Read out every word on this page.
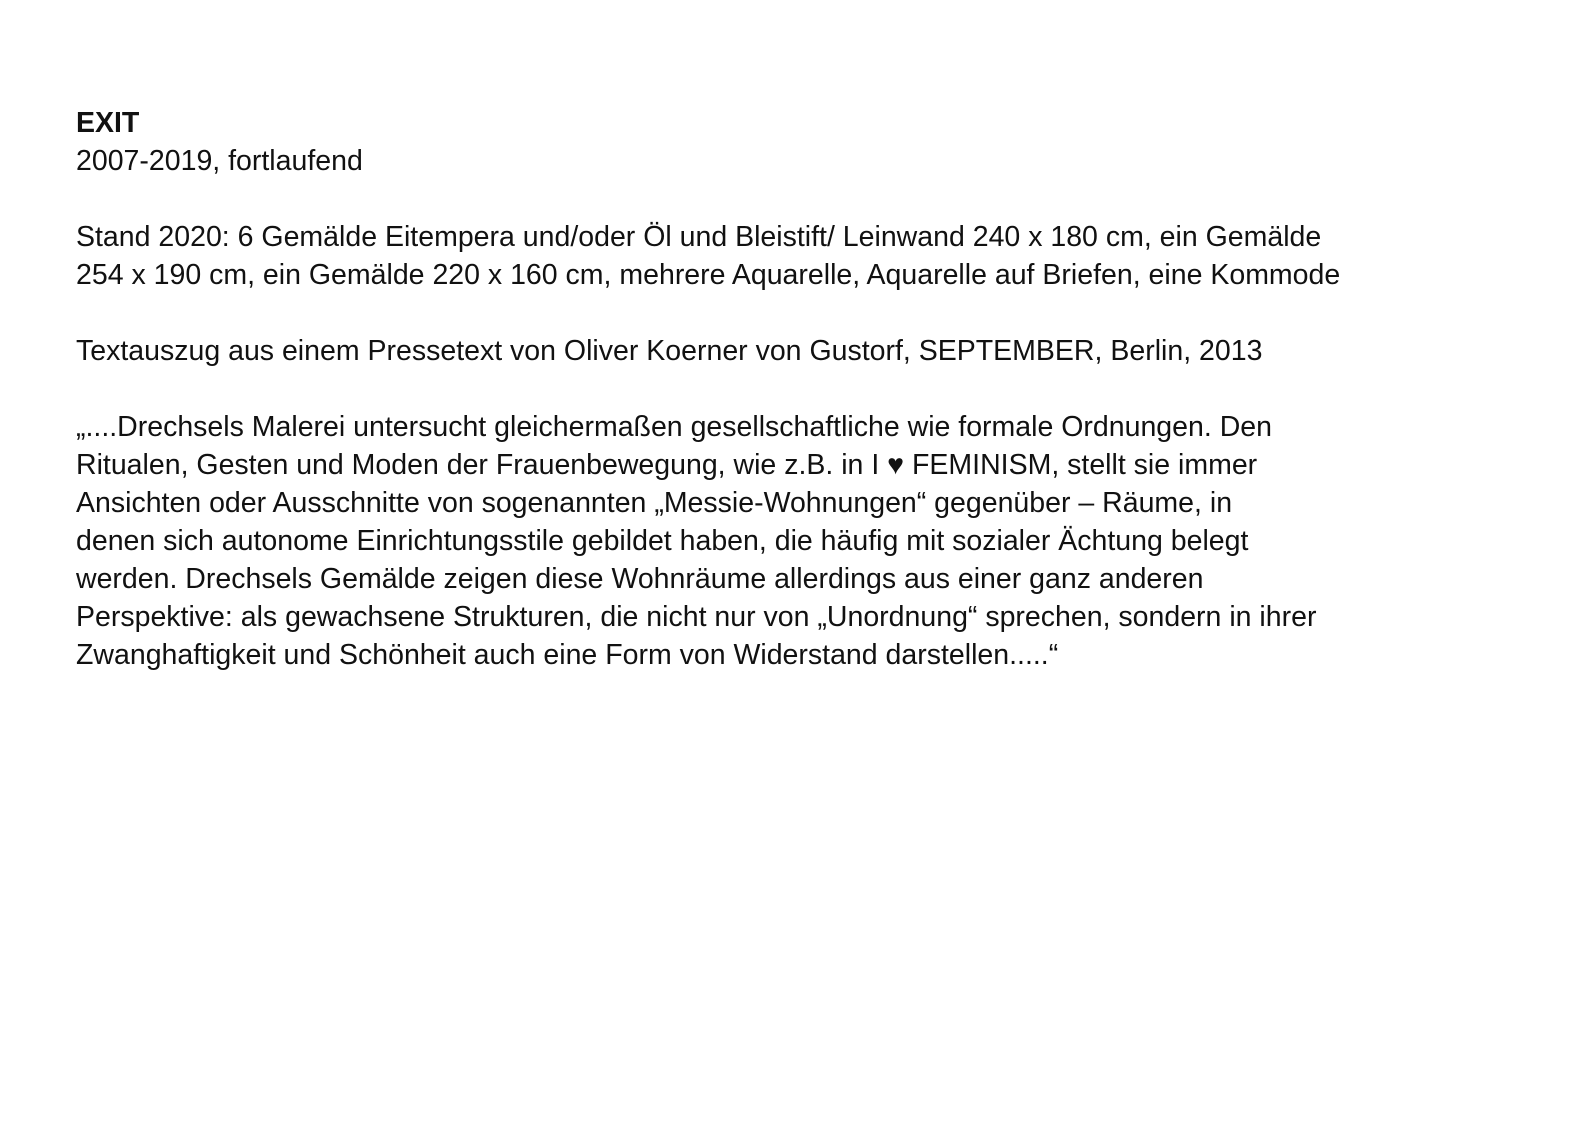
EXIT

2007-2019, fortlaufend

Stand 2020: 6 Gemälde Eitempera und/oder Öl und Bleistift/ Leinwand 240 x 180 cm, ein Gemälde

254 x 190 cm, ein Gemälde 220 x 160 cm, mehrere Aquarelle, Aquarelle auf Briefen, eine Kommode

Textauszug aus einem Pressetext von Oliver Koerner von Gustorf, SEPTEMBER, Berlin, 2013

„....Drechsels Malerei untersucht gleichermaßen gesellschaftliche wie formale Ordnungen. Den

Ritualen, Gesten und Moden der Frauenbewegung, wie z.B. in I ♥ FEMINISM, stellt sie immer

Ansichten oder Ausschnitte von sogenannten „Messie-Wohnungen“ gegenüber – Räume, in

denen sich autonome Einrichtungsstile gebildet haben, die häufig mit sozialer Ächtung belegt

werden. Drechsels Gemälde zeigen diese Wohnräume allerdings aus einer ganz anderen

Perspektive: als gewachsene Strukturen, die nicht nur von „Unordnung“ sprechen, sondern in ihrer

Zwanghaftigkeit und Schönheit auch eine Form von Widerstand darstellen.....“
